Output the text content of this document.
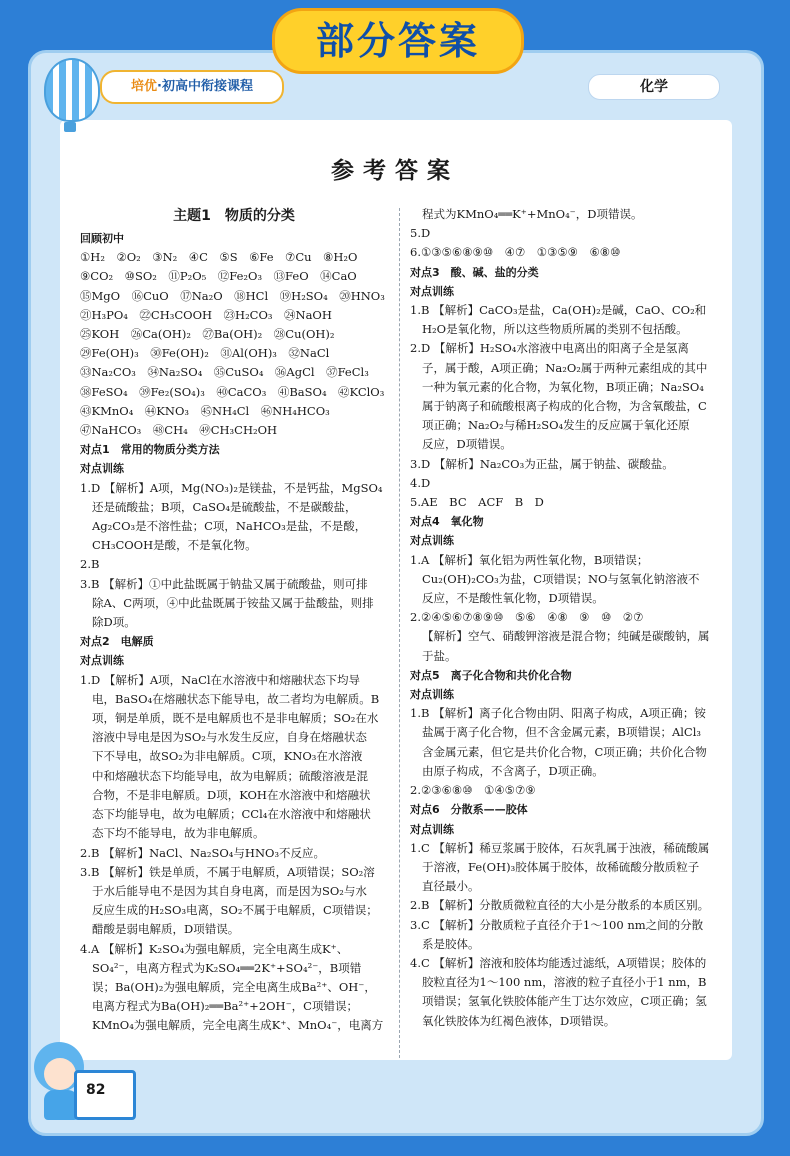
部分答案
培优·初高中衔接课程	化学
参考答案
主题1　物质的分类
回顾初中
①H₂　②O₂　③N₂　④C　⑤S　⑥Fe　⑦Cu　⑧H₂O
⑨CO₂　⑩SO₂　⑪P₂O₅　⑫Fe₂O₃　⑬FeO　⑭CaO
⑮MgO　⑯CuO　⑰Na₂O　⑱HCl　⑲H₂SO₄　⑳HNO₃
㉑H₃PO₄　㉒CH₃COOH　㉓H₂CO₃　㉔NaOH
㉕KOH　㉖Ca(OH)₂　㉗Ba(OH)₂　㉘Cu(OH)₂
㉙Fe(OH)₃　㉚Fe(OH)₂　㉛Al(OH)₃　㉜NaCl
㉝Na₂CO₃　㉞Na₂SO₄　㉟CuSO₄　㊱AgCl　㊲FeCl₃
㊳FeSO₄　㊴Fe₂(SO₄)₃　㊵CaCO₃　㊶BaSO₄　㊷KClO₃
㊸KMnO₄　㊹KNO₃　㊺NH₄Cl　㊻NH₄HCO₃
㊼NaHCO₃　㊽CH₄　㊾CH₃CH₂OH
对点1　常用的物质分类方法
对点训练
1.D 【解析】A项，Mg(NO₃)₂是镁盐，不是钙盐，MgSO₄
还是硫酸盐；B项，CaSO₄是硫酸盐，不是碳酸盐，
Ag₂CO₃是不溶性盐；C项，NaHCO₃是盐，不是酸，
CH₃COOH是酸，不是氧化物。
2.B
3.B 【解析】①中此盐既属于钠盐又属于硫酸盐，则可排
除A、C两项，④中此盐既属于铵盐又属于盐酸盐，则排
除D项。
对点2　电解质
对点训练
1.D 【解析】A项，NaCl在水溶液中和熔融状态下均导
电，BaSO₄在熔融状态下能导电，故二者均为电解质。B
项，铜是单质，既不是电解质也不是非电解质；SO₂在水
溶液中导电是因为SO₂与水发生反应，自身在熔融状态
下不导电，故SO₂为非电解质。C项，KNO₃在水溶液
中和熔融状态下均能导电，故为电解质；硫酸溶液是混
合物，不是非电解质。D项，KOH在水溶液中和熔融状
态下均能导电，故为电解质；CCl₄在水溶液中和熔融状
态下均不能导电，故为非电解质。
2.B 【解析】NaCl、Na₂SO₄与HNO₃不反应。
3.B 【解析】铁是单质，不属于电解质，A项错误；SO₂溶
于水后能导电不是因为其自身电离，而是因为SO₂与水
反应生成的H₂SO₃电离，SO₂不属于电解质，C项错误；
醋酸是弱电解质，D项错误。
4.A 【解析】K₂SO₄为强电解质，完全电离生成K⁺、
SO₄²⁻，电离方程式为K₂SO₄══2K⁺+SO₄²⁻，B项错
误；Ba(OH)₂为强电解质，完全电离生成Ba²⁺、OH⁻，
电离方程式为Ba(OH)₂══Ba²⁺+2OH⁻，C项错误；
KMnO₄为强电解质，完全电离生成K⁺、MnO₄⁻，电离方
程式为KMnO₄══K⁺+MnO₄⁻，D项错误。
5.D
6.①③⑤⑥⑧⑨⑩　④⑦　①③⑤⑨　⑥⑧⑩
对点3　酸、碱、盐的分类
对点训练
1.B 【解析】CaCO₃是盐，Ca(OH)₂是碱，CaO、CO₂和
H₂O是氧化物，所以这些物质所属的类别不包括酸。
2.D 【解析】H₂SO₄水溶液中电离出的阳离子全是氢离
子，属于酸，A项正确；Na₂O₂属于两种元素组成的其中
一种为氧元素的化合物，为氧化物，B项正确；Na₂SO₄
属于钠离子和硫酸根离子构成的化合物，为含氧酸盐，C
项正确；Na₂O₂与稀H₂SO₄发生的反应属于氧化还原
反应，D项错误。
3.D 【解析】Na₂CO₃为正盐，属于钠盐、碳酸盐。
4.D
5.AE　BC　ACF　B　D
对点4　氧化物
对点训练
1.A 【解析】氧化铝为两性氧化物，B项错误；
Cu₂(OH)₂CO₃为盐，C项错误；NO与氢氧化钠溶液不
反应，不是酸性氧化物，D项错误。
2.②④⑤⑥⑦⑧⑨⑩　⑤⑥　④⑧　⑨　⑩　②⑦
【解析】空气、硝酸钾溶液是混合物；纯碱是碳酸钠，属
于盐。
对点5　离子化合物和共价化合物
对点训练
1.B 【解析】离子化合物由阴、阳离子构成，A项正确；铵
盐属于离子化合物，但不含金属元素，B项错误；AlCl₃
含金属元素，但它是共价化合物，C项正确；共价化合物
由原子构成，不含离子，D项正确。
2.②③⑥⑧⑩　①④⑤⑦⑨
对点6　分散系——胶体
对点训练
1.C 【解析】稀豆浆属于胶体，石灰乳属于浊液，稀硫酸属
于溶液，Fe(OH)₃胶体属于胶体，故稀硫酸分散质粒子
直径最小。
2.B 【解析】分散质微粒直径的大小是分散系的本质区别。
3.C 【解析】分散质粒子直径介于1～100 nm之间的分散
系是胶体。
4.C 【解析】溶液和胶体均能透过滤纸，A项错误；胶体的
胶粒直径为1～100 nm，溶液的粒子直径小于1 nm，B
项错误；氢氧化铁胶体能产生丁达尔效应，C项正确；氢
氧化铁胶体为红褐色液体，D项错误。
82
